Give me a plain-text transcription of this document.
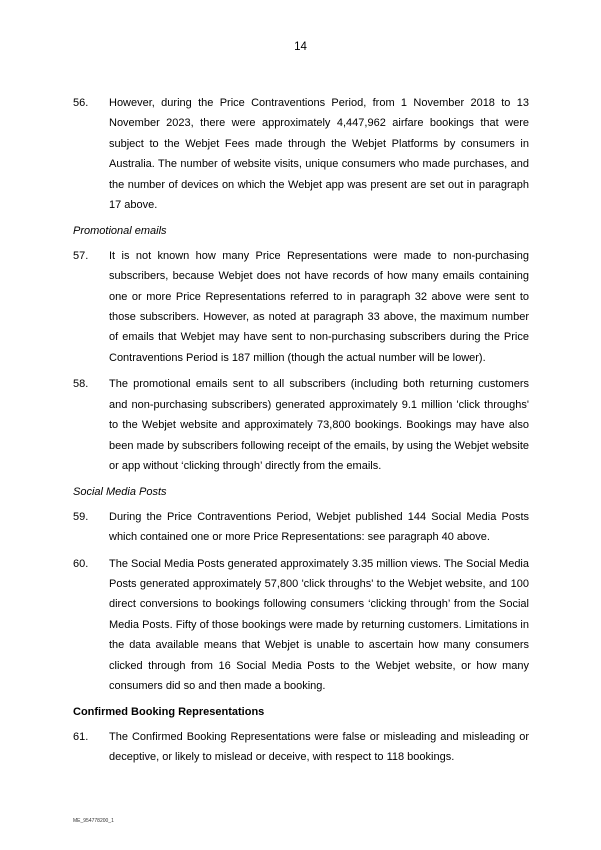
14
56.	However, during the Price Contraventions Period, from 1 November 2018 to 13 November 2023, there were approximately 4,447,962 airfare bookings that were subject to the Webjet Fees made through the Webjet Platforms by consumers in Australia. The number of website visits, unique consumers who made purchases, and the number of devices on which the Webjet app was present are set out in paragraph 17 above.
Promotional emails
57.	It is not known how many Price Representations were made to non-purchasing subscribers, because Webjet does not have records of how many emails containing one or more Price Representations referred to in paragraph 32 above were sent to those subscribers. However, as noted at paragraph 33 above, the maximum number of emails that Webjet may have sent to non-purchasing subscribers during the Price Contraventions Period is 187 million (though the actual number will be lower).
58.	The promotional emails sent to all subscribers (including both returning customers and non-purchasing subscribers) generated approximately 9.1 million 'click throughs' to the Webjet website and approximately 73,800 bookings. Bookings may have also been made by subscribers following receipt of the emails, by using the Webjet website or app without ‘clicking through’ directly from the emails.
Social Media Posts
59.	During the Price Contraventions Period, Webjet published 144 Social Media Posts which contained one or more Price Representations: see paragraph 40 above.
60.	The Social Media Posts generated approximately 3.35 million views. The Social Media Posts generated approximately 57,800 'click throughs' to the Webjet website, and 100 direct conversions to bookings following consumers ‘clicking through’ from the Social Media Posts. Fifty of those bookings were made by returning customers. Limitations in the data available means that Webjet is unable to ascertain how many consumers clicked through from 16 Social Media Posts to the Webjet website, or how many consumers did so and then made a booking.
Confirmed Booking Representations
61.	The Confirmed Booking Representations were false or misleading and misleading or deceptive, or likely to mislead or deceive, with respect to 118 bookings.
ME_954778200_1
